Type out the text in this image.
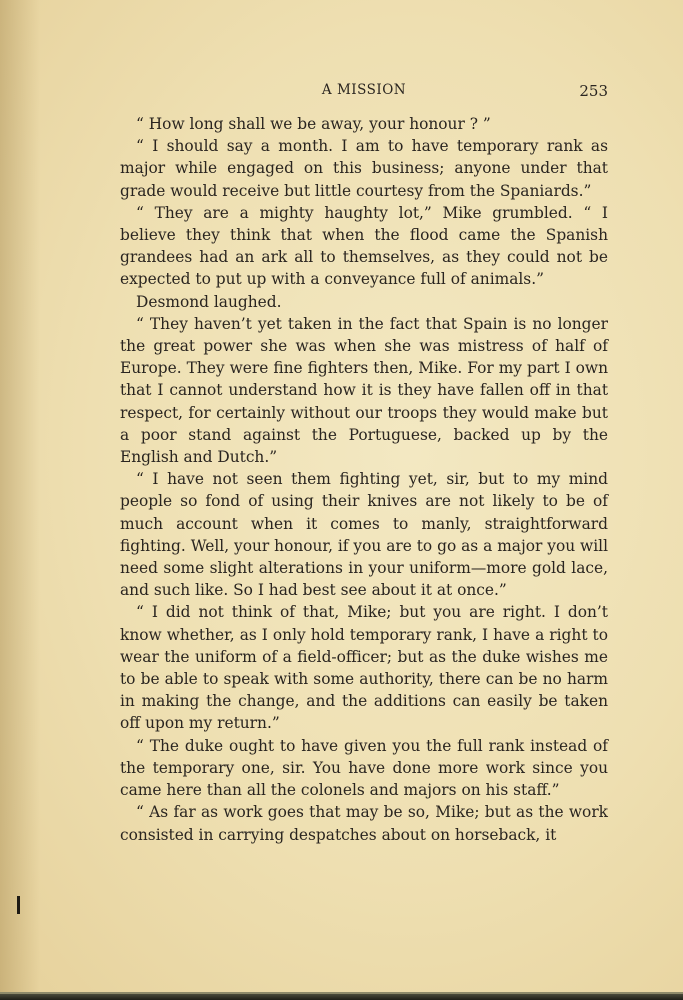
A MISSION	253

“ How long shall we be away, your honour ? ”

“ I should say a month. I am to have temporary rank as major while engaged on this business; anyone under that grade would receive but little courtesy from the Spaniards.”

“ They are a mighty haughty lot,” Mike grumbled. “ I believe they think that when the flood came the Spanish grandees had an ark all to themselves, as they could not be expected to put up with a conveyance full of animals.”

Desmond laughed.

“ They haven’t yet taken in the fact that Spain is no longer the great power she was when she was mistress of half of Europe. They were fine fighters then, Mike. For my part I own that I cannot understand how it is they have fallen off in that respect, for certainly without our troops they would make but a poor stand against the Portuguese, backed up by the English and Dutch.”

“ I have not seen them fighting yet, sir, but to my mind people so fond of using their knives are not likely to be of much account when it comes to manly, straightforward fighting. Well, your honour, if you are to go as a major you will need some slight alterations in your uniform—more gold lace, and such like. So I had best see about it at once.”

“ I did not think of that, Mike; but you are right. I don’t know whether, as I only hold temporary rank, I have a right to wear the uniform of a field-officer; but as the duke wishes me to be able to speak with some authority, there can be no harm in making the change, and the additions can easily be taken off upon my return.”

“ The duke ought to have given you the full rank instead of the temporary one, sir. You have done more work since you came here than all the colonels and majors on his staff.”

“ As far as work goes that may be so, Mike; but as the work consisted in carrying despatches about on horseback, it
